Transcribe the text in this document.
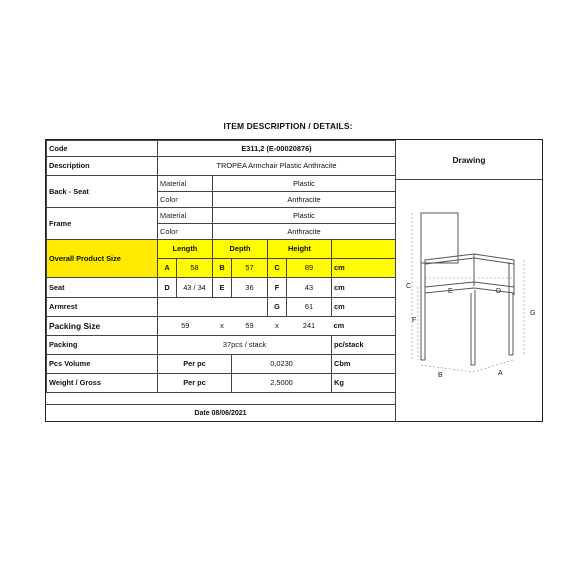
ITEM DESCRIPTION / DETAILS:
Code	E311,2 (E-00020876)						
Description	TROPEA Armchair Plastic Anthracite						
Back - Seat	Material		Plastic				
	Color		Anthracite				
Frame	Material		Plastic				
	Color		Anthracite				
Overall Product Size	Length		Depth		Height		
	A	58	B	57	C	89	cm
Seat	D	43 / 34	E	36	F	43	cm
Armrest					G	61	cm
Packing Size	59		x	59	x	241	cm
Packing	37pcs / stack						pc/stack
Pcs Volume	Per pc			0,0230			Cbm
Weight / Gross	Per pc			2,5000			Kg
Date 08/06/2021
Drawing
C
F
G
E	D
B	A
